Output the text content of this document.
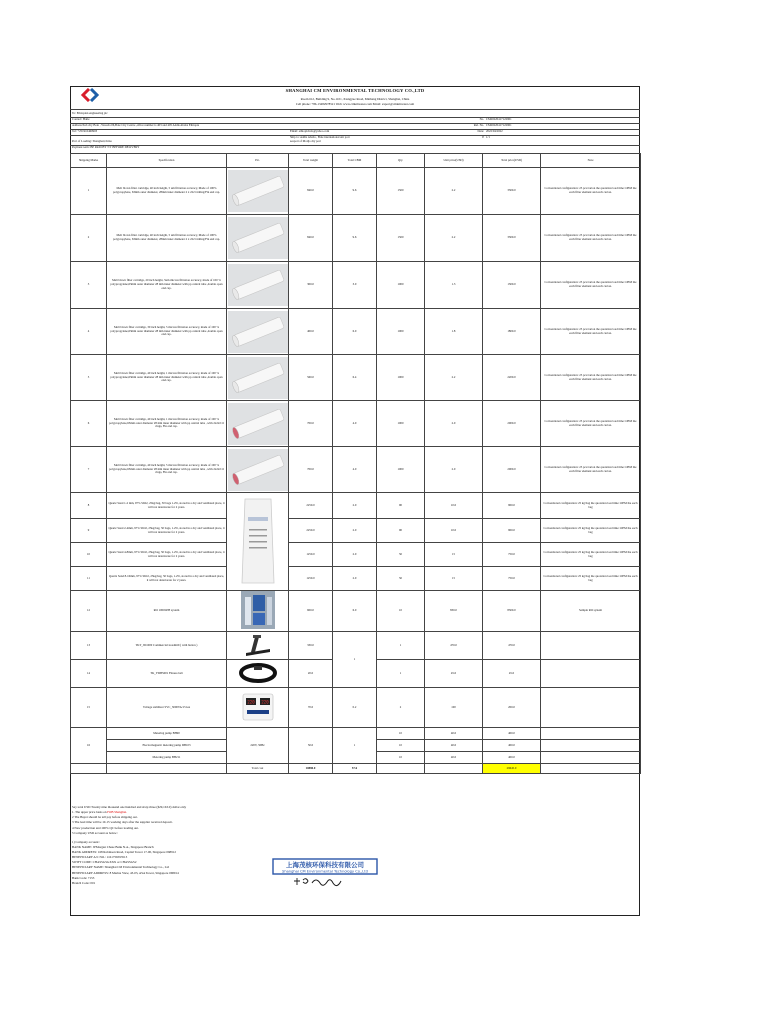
SHANGHAI CM ENVIRONMENTAL TECHNOLOGY CO.,LTD
Room 612, Building 9, No.1101, Xiangyue Road, Minhang District, Shanghai, China
Cell phone: +86-13482978521 Web: www.cmkmwater.com Email: export@cmkmwater.com
To: Ethiopian engineering plc
Contact: Haile
Address:Sub city Bole , Woreda 06,Bole City Centre ,office number is 403 and 405 Addis Ababa Ethiopia
Tel: +251910460903	Email: ethioplcinfo@yahoo.com
Ship to: Addis Ababa , Bole international Air port
Port of Loading: Shanghai,China	seaport of Modjo dry port
Payment term: BE PAID BY T/T BEFORE DELIVERY
No. CM20220417122901
Ref. No. CM20220417122901
Date: 2022/04/2022
P 1/1
Shipping Marks	Specification	Pic.	Total weight	Total CBM	Qty.	Unit price(USD)	Total price(USD)	Note
1	Melt blown filter cartridge, 40 inch height, 5 um filtration accuracy, Made of 100% polypropylene, 63mm outer diameter, 28mm inner diameter 2 x 222 O-Ring/Fin end cap.		840.0	9.6	1500	2.2	3300.0	Conventional configuration: 25 pcs/carton the quotation load time: OEM the each filter element and each carton.
2	Melt blown filter cartridge, 40 inch height, 5 um filtration accuracy, Made of 100% polypropylene, 63mm outer diameter, 28mm inner diameter 2 x 222 O-Ring/Fin end cap.		840.0	9.6	1500	2.2	3300.0	Conventional configuration: 25 pcs/carton the quotation load time: OEM the each filter element and each carton.
3	Melt blown filter cartridge, 20 inch height, 5um micron filtration accuracy, made of 100 % polypropylene,63mm outer diameter 28 mm inner diameter with pp central tube ,double open end cap.		300.0	3.0	1000	1.3	1300.0	Conventional configuration: 25 pcs/carton the quotation load time: OEM the each filter element and each carton.
4	Melt blown filter cartridge, 30 inch height, 5 micron filtration accuracy, made of 100 % polypropylene,63mm outer diameter 28 mm inner diameter with pp central tube ,double open end cap.		400.0	6.0	1000	1.8	1800.0	Conventional configuration: 25 pcs/carton the quotation load time: OEM the each filter element and each carton.
5	Melt blown filter cartridge, 40 inch height, 1 micron filtration accuracy, made of 100 % polypropylene,63mm outer diameter 28 mm inner diameter with pp central tube ,double open end cap.		560.0	6.4	1000	2.2	2200.0	Conventional configuration: 25 pcs/carton the quotation load time: OEM the each filter element and each carton.
6	Melt blown filter cartridge, 40 inch height, 1 micron filtration accuracy, made of 100 % polypropylene,63mm outer diameter 28 mm inner diameter with pp central tube , with 2x222 O rings, Fin end cap.		700.0	4.0	1000	2.0	2000.0	Conventional configuration: 25 pcs/carton the quotation load time: OEM the each filter element and each carton.
7	Melt blown filter cartridge, 40 inch height, 5 micron filtration accuracy, made of 100 % polypropylene,63mm outer diameter 28 mm inner diameter with pp central tube , with 2x222 O rings, Fin end cap.		700.0	4.0	1000	2.0	2000.0	Conventional configuration: 25 pcs/carton the quotation load time: OEM the each filter element and each carton.
8	Quartz Sand 1-2 mm, 97% SIO2, 25kg/bag, 50 bags 1.25t, stored in a dry and ventilated place, it will not deteriorate for 2 years.		2250.0	2.0	90	10.0	900.0	Conventional configuration: 25 kg/bag the quotation load time: OEM the each bag
9	Quartz Sand 2-4mm, 97% SIO2, 25kg/bag, 50 bags, 1.25t, stored in a dry and ventilated place, it will not deteriorate for 2 years.		2250.0	2.0	90	10.0	900.0	Conventional configuration: 25 kg/bag the quotation load time: OEM the each bag
10	Quartz Sand 4-8mm, 97% SIO2, 25kg/bag, 50 bags, 1.25t, stored in a dry and ventilated place, it will not deteriorate for 2 years.		1250.0	2.0	50	15	750.0	Conventional configuration: 25 kg/bag the quotation load time: OEM the each bag
11	Quartz Sand 8-16mm, 97% SIO2, 25kg/bag, 50 bags, 1.25t, stored in a dry and ventilated place, it will not deteriorate for 2 years.		1250.0	2.0	50	15	750.0	Conventional configuration: 25 kg/bag the quotation load time: OEM the each bag
12	RO 1000LPH system		600.0	6.0	10	830.0	8300.0	Sample RO system
13	TKT_JD1000 Commercial treadmill ( with button )		330.0	1	1	470.0	470.0	
14	TK_YDBS001 Fitness belt		20.0		1	45.0	45.0	
15	Voltage stabilizer SVC_3000VA/15 kA	220 220	70.0	0.2	2	100	200.0	
16	Metering pump BH90	220V, 50Hz	50.0	1	10	40.0	400.0	
	Electromagnetic metering pump DB103				10	40.0	400.0	
	Metering pump BH211				10	40.0	400.0	
		Total cost	10880.0	57.6			29645.0	
Say total USD Twenty nine thousand one hundred and sixty-three ($29,163.0) dollar only
1. The upper price basis on FOB Shanghai.
2 The Buyer should be tell pay before shipping out.
3 The lead time will be 10-15 working days after the supplier received deposit.
4 New production and 100% QC before loading out.
5 Company USD account as below:
1) Company account :
BANK NAME: JPMorgan Chase Bank N.A., Singapore Branch
BANK ADDRESS: 168 Robinson Road, Capital Tower 17-00, Singapore 068912
BENEFICIARY A/C NO.: 1161756593513
SWIFT CODE: CHASSGSGXXX or CHASSGS2
BENEFICIARY NAME: Shanghai CM Environmental Technology Co., Ltd
BENEFICIARY ADDRESS: 8 Marina View, 43-03, ASA Tower, Singapore 068914
Bank Code: 7153
Branch Code: 001
上海茂核环保科技有限公司
Shanghai CM Environmental Technology Co.,Ltd
